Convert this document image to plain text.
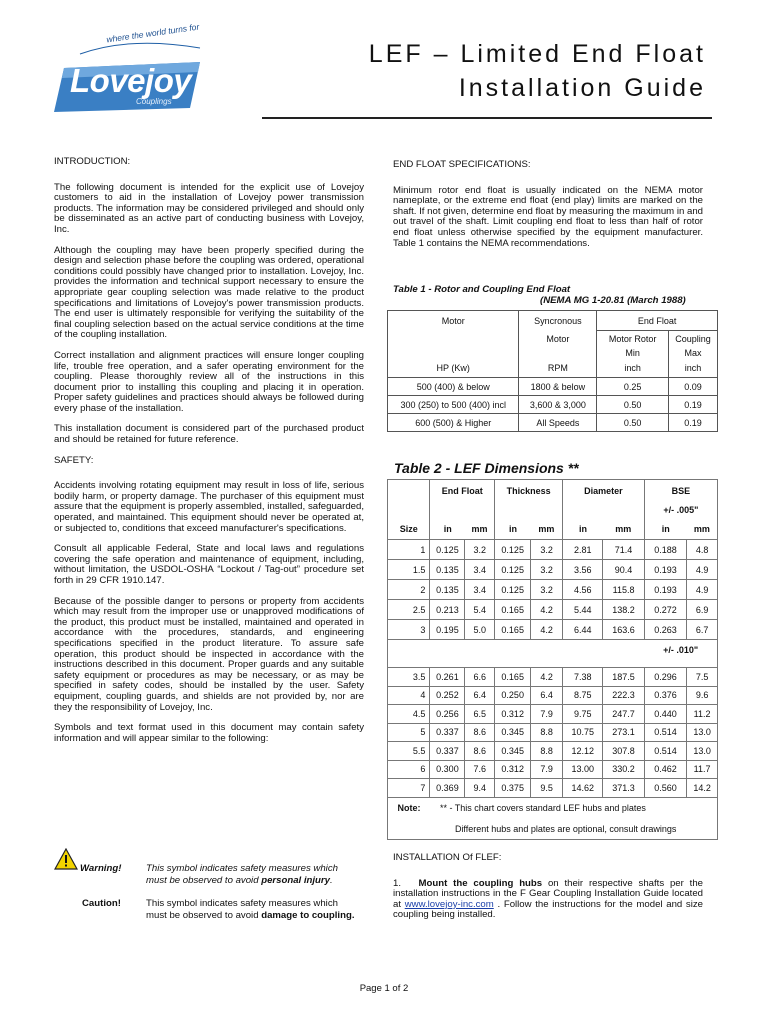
where the world turns for
Lovejoy
Couplings
LEF – Limited End Float
Installation Guide
INTRODUCTION:

The following document is intended for the explicit use of Lovejoy customers to aid in the installation of Lovejoy power transmission products. The information may be considered privileged and should only be disseminated as an active part of conducting business with Lovejoy, Inc.

Although the coupling may have been properly specified during the design and selection phase before the coupling was ordered, operational conditions could possibly have changed prior to installation. Lovejoy, Inc. provides the information and technical support necessary to ensure the appropriate gear coupling selection was made relative to the product specifications and limitations of Lovejoy's power transmission products. The end user is ultimately responsible for verifying the suitability of the final coupling selection based on the actual service conditions at the time of the coupling installation.

Correct installation and alignment practices will ensure longer coupling life, trouble free operation, and a safer operating environment for the coupling. Please thoroughly review all of the instructions in this document prior to installing this coupling and placing it in operation. Proper safety guidelines and practices should always be followed during every phase of the installation.

This installation document is considered part of the purchased product and should be retained for future reference.

SAFETY:

Accidents involving rotating equipment may result in loss of life, serious bodily harm, or property damage. The purchaser of this equipment must assure that the equipment is properly assembled, installed, safeguarded, operated, and maintained. This equipment should never be operated at, or subjected to, conditions that exceed manufacturer's specifications.

Consult all applicable Federal, State and local laws and regulations covering the safe operation and maintenance of equipment, including, without limitation, the USDOL-OSHA “Lockout / Tag-out” procedure set forth in 29 CFR 1910.147.

Because of the possible danger to persons or property from accidents which may result from the improper use or unapproved modifications of the product, this product must be installed, maintained and operated in accordance with the procedures, standards, and engineering specifications specified in the product literature. To assure safe operation, this product should be inspected in accordance with the instructions described in this document. Proper guards and any suitable safety equipment or procedures as may be necessary, or as may be specified in safety codes, should be installed by the user. Safety equipment, coupling guards, and shields are not provided by, nor are they the responsibility of Lovejoy, Inc.

Symbols and text format used in this document may contain safety information and will appear similar to the following:

Warning!	This symbol indicates safety measures which
must be observed to avoid personal injury.
Caution!	This symbol indicates safety measures which
must be observed to avoid damage to coupling.
END FLOAT SPECIFICATIONS:

Minimum rotor end float is usually indicated on the NEMA motor nameplate, or the extreme end float (end play) limits are marked on the shaft. If not given, determine end float by measuring the maximum in and out travel of the shaft. Limit coupling end float to less than half of rotor end float unless otherwise specified by the equipment manufacturer. Table 1 contains the NEMA recommendations.

Table 1 - Rotor and Coupling End Float
(NEMA MG 1-20.81 (March 1988)
Motor	Syncronous	End Float	
	Motor	Motor Rotor	Coupling
		Min	Max
HP (Kw)	RPM	inch	inch
500 (400) & below	1800 & below	0.25	0.09
300 (250) to 500 (400) incl	3,600 & 3,000	0.50	0.19
600 (500) & Higher	All Speeds	0.50	0.19
Table 2 - LEF Dimensions **
	End Float		Thickness		Diameter		BSE	
							+/- .005"	
Size	in	mm	in	mm	in	mm	in	mm
1	0.125	3.2	0.125	3.2	2.81	71.4	0.188	4.8
1.5	0.135	3.4	0.125	3.2	3.56	90.4	0.193	4.9
2	0.135	3.4	0.125	3.2	4.56	115.8	0.193	4.9
2.5	0.213	5.4	0.165	4.2	5.44	138.2	0.272	6.9
3	0.195	5.0	0.165	4.2	6.44	163.6	0.263	6.7
							+/- .010"	

3.5	0.261	6.6	0.165	4.2	7.38	187.5	0.296	7.5
4	0.252	6.4	0.250	6.4	8.75	222.3	0.376	9.6
4.5	0.256	6.5	0.312	7.9	9.75	247.7	0.440	11.2
5	0.337	8.6	0.345	8.8	10.75	273.1	0.514	13.0
5.5	0.337	8.6	0.345	8.8	12.12	307.8	0.514	13.0
6	0.300	7.6	0.312	7.9	13.00	330.2	0.462	11.7
7	0.369	9.4	0.375	9.5	14.62	371.3	0.560	14.2
Note:	** - This chart covers standard LEF hubs and plates							
	Different hubs and plates are optional, consult drawings							
INSTALLATION Of FLEF:

1. Mount the coupling hubs on their respective shafts per the installation instructions in the F Gear Coupling Installation Guide located at www.lovejoy-inc.com . Follow the instructions for the model and size coupling being installed.

Page 1 of 2
